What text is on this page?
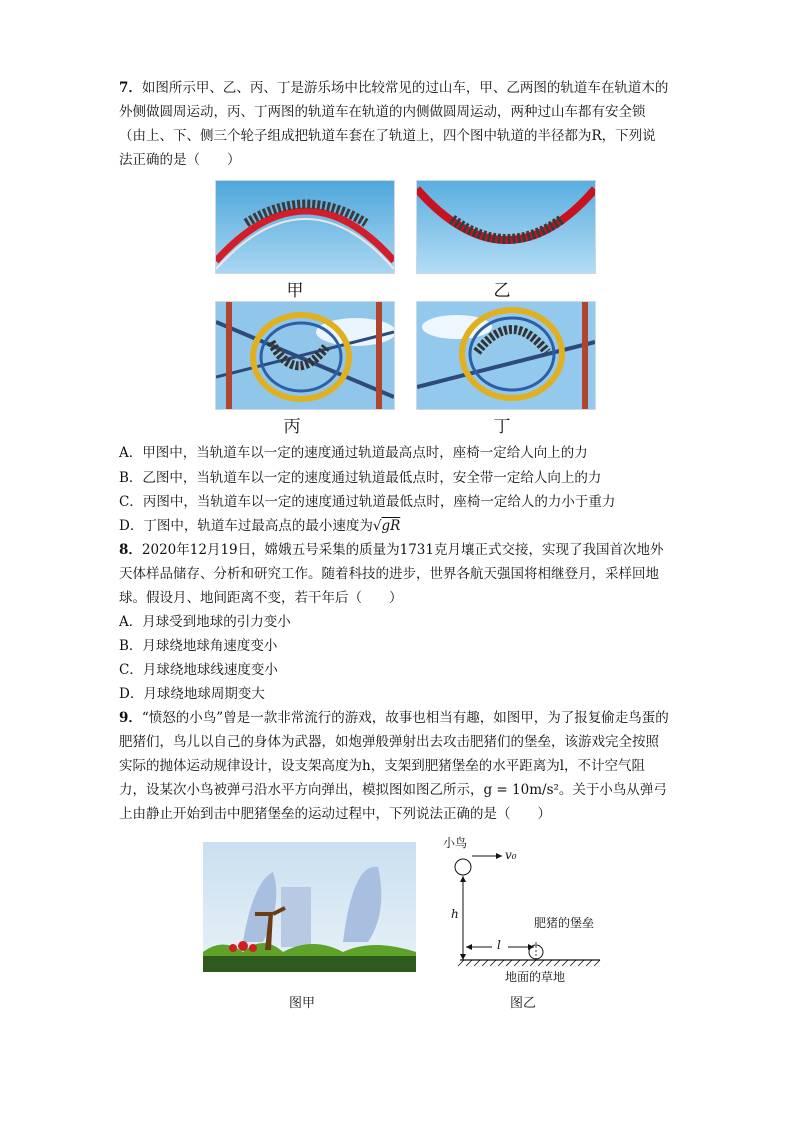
7．如图所示甲、乙、丙、丁是游乐场中比较常见的过山车，甲、乙两图的轨道车在轨道木的
外侧做圆周运动，丙、丁两图的轨道车在轨道的内侧做圆周运动，两种过山车都有安全锁
（由上、下、侧三个轮子组成把轨道车套在了轨道上，四个图中轨道的半径都为R，下列说
法正确的是（　　）
甲	乙
丙	丁
A．甲图中，当轨道车以一定的速度通过轨道最高点时，座椅一定给人向上的力
B．乙图中，当轨道车以一定的速度通过轨道最低点时，安全带一定给人向上的力
C．丙图中，当轨道车以一定的速度通过轨道最低点时，座椅一定给人的力小于重力
D．丁图中，轨道车过最高点的最小速度为√gR
8．2020年12月19日，嫦娥五号采集的质量为1731克月壤正式交接，实现了我国首次地外
天体样品储存、分析和研究工作。随着科技的进步，世界各航天强国将相继登月，采样回地
球。假设月、地间距离不变，若干年后（　　）
A．月球受到地球的引力变小
B．月球绕地球角速度变小
C．月球绕地球线速度变小
D．月球绕地球周期变大
9．“愤怒的小鸟”曾是一款非常流行的游戏，故事也相当有趣，如图甲，为了报复偷走鸟蛋的
肥猪们，鸟儿以自己的身体为武器，如炮弹般弹射出去攻击肥猪们的堡垒，该游戏完全按照
实际的抛体运动规律设计，设支架高度为h，支架到肥猪堡垒的水平距离为l，不计空气阻
力，设某次小鸟被弹弓沿水平方向弹出，模拟图如图乙所示，g = 10m/s²。关于小鸟从弹弓
上由静止开始到击中肥猪堡垒的运动过程中，下列说法正确的是（　　）
图甲
小鸟
v₀
h
l
肥猪的堡垒
地面的草地
图乙
